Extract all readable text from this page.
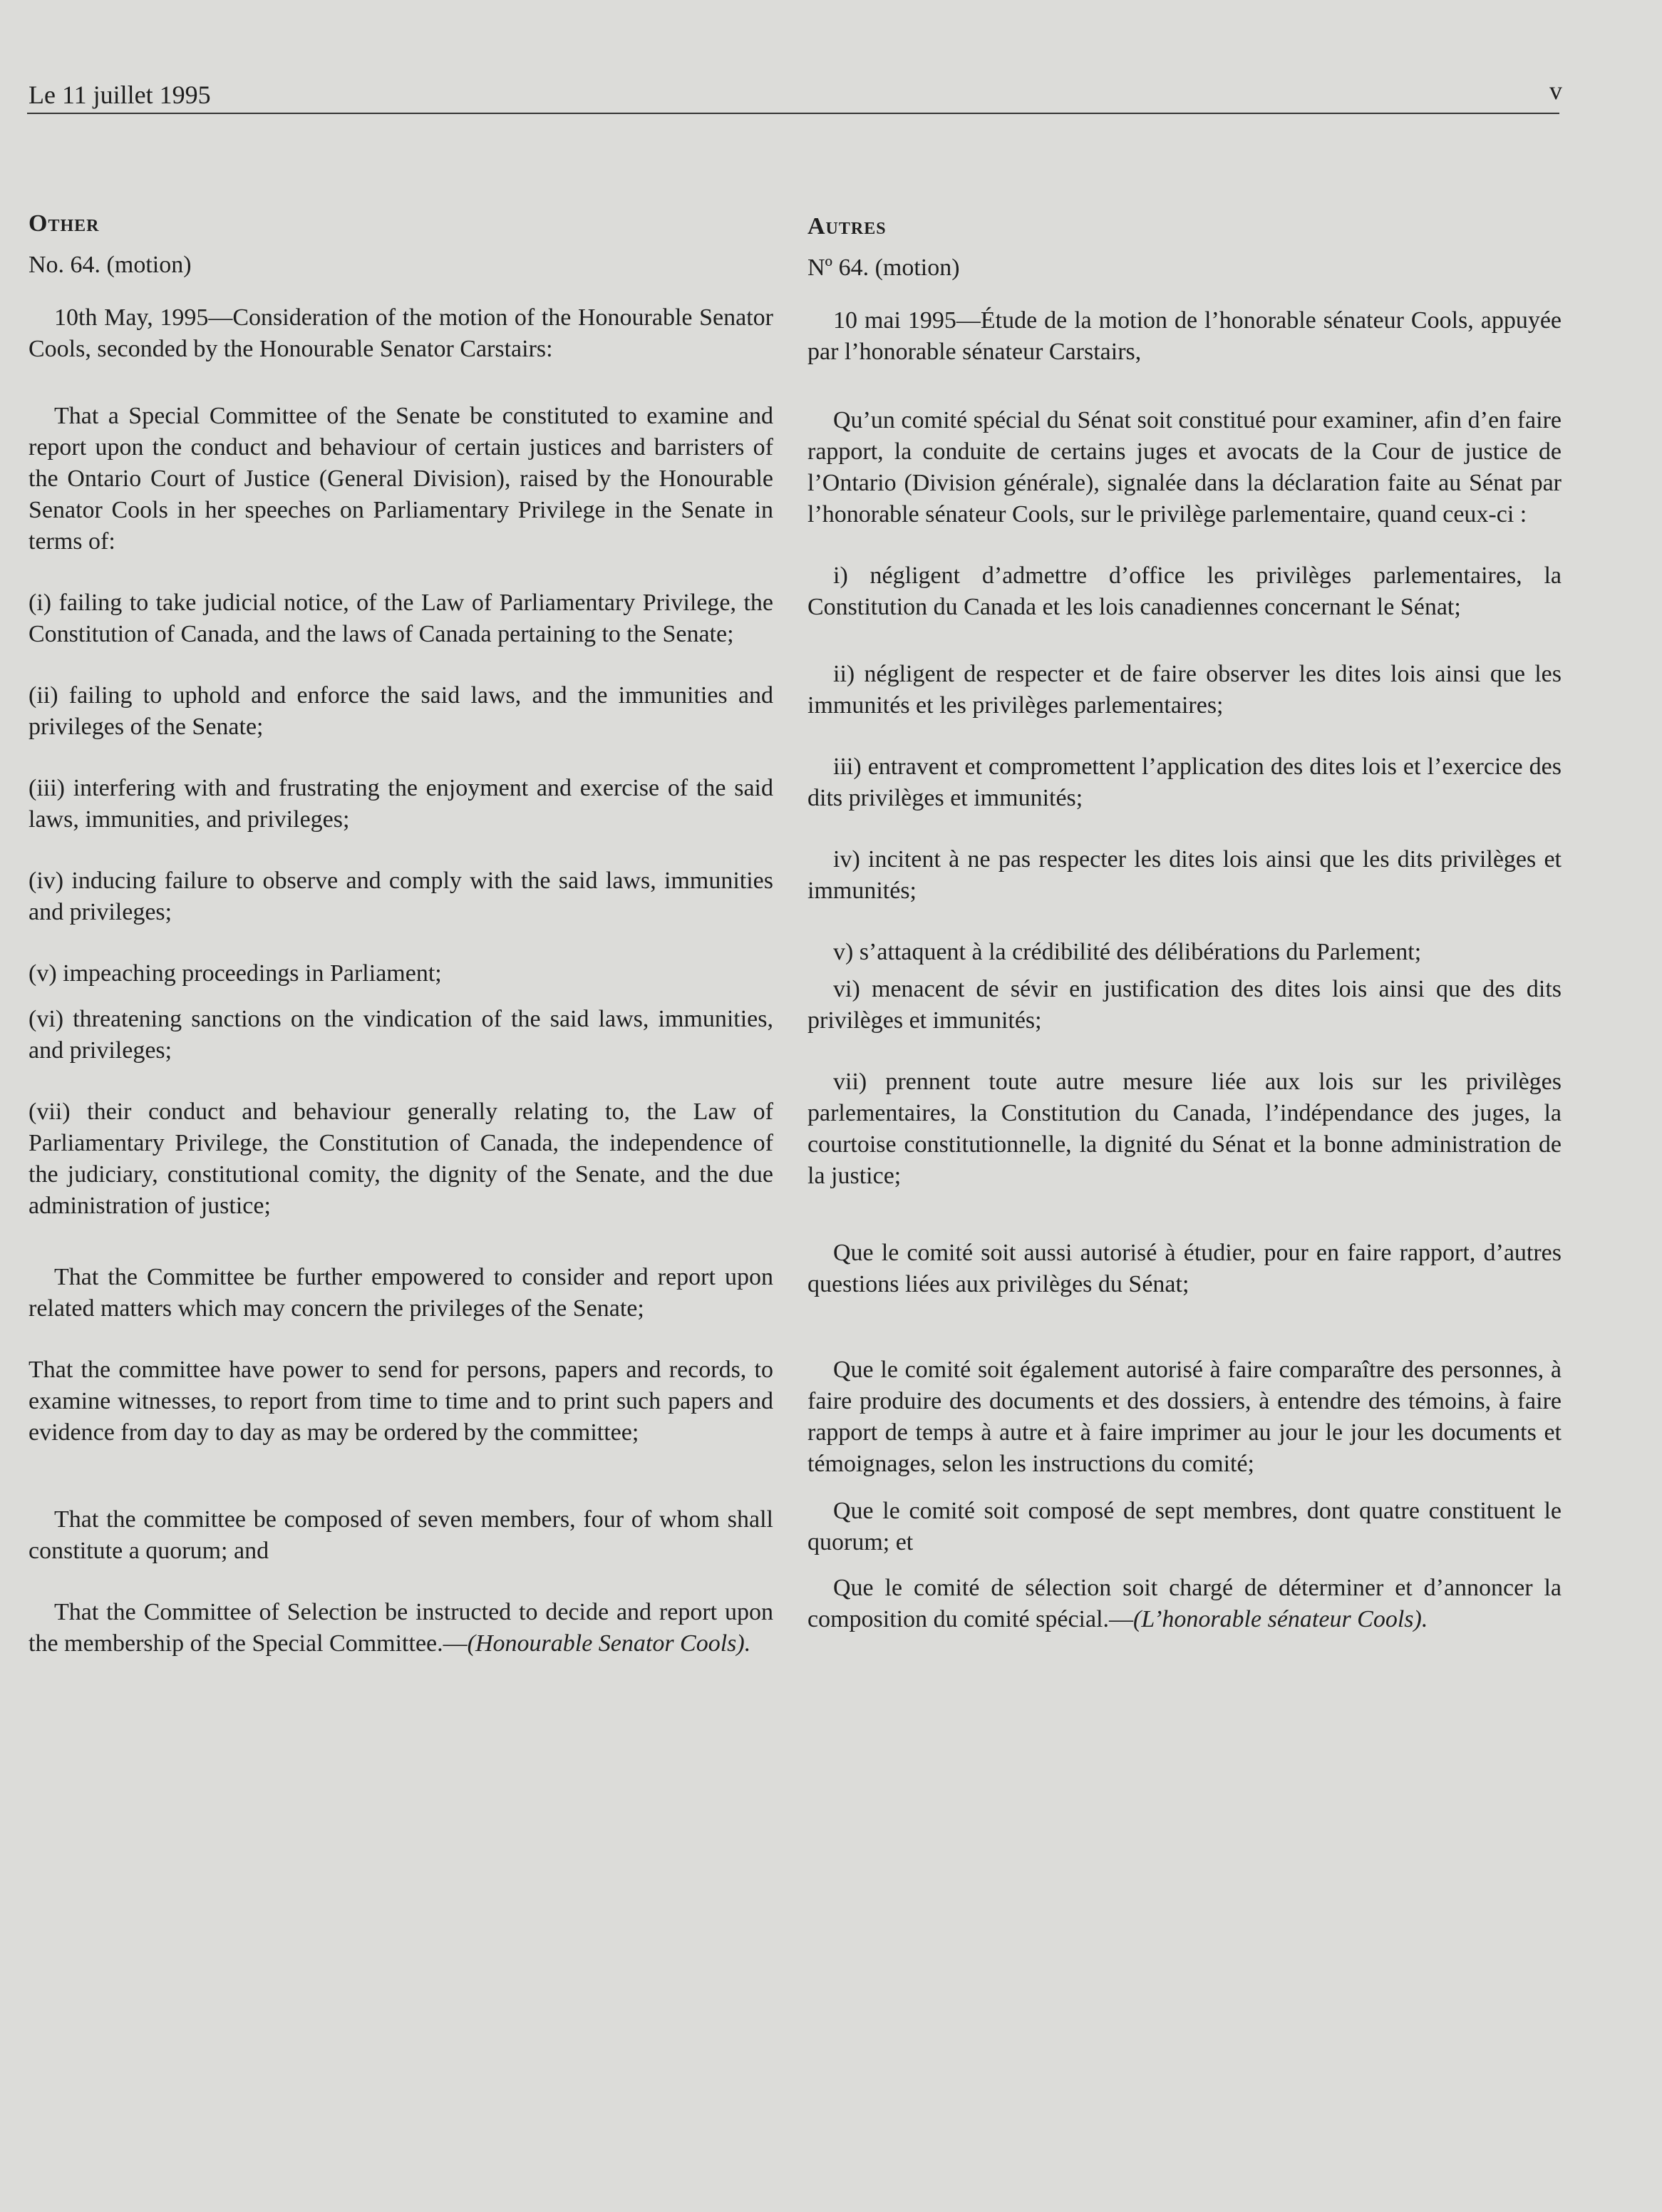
Le 11 juillet 1995	v
Other
No. 64. (motion)
10th May, 1995—Consideration of the motion of the Honourable Senator Cools, seconded by the Honourable Senator Carstairs:
That a Special Committee of the Senate be constituted to examine and report upon the conduct and behaviour of certain justices and barristers of the Ontario Court of Justice (General Division), raised by the Honourable Senator Cools in her speeches on Parliamentary Privilege in the Senate in terms of:
(i) failing to take judicial notice, of the Law of Parliamentary Privilege, the Constitution of Canada, and the laws of Canada pertaining to the Senate;
(ii) failing to uphold and enforce the said laws, and the immunities and privileges of the Senate;
(iii) interfering with and frustrating the enjoyment and exercise of the said laws, immunities, and privileges;
(iv) inducing failure to observe and comply with the said laws, immunities and privileges;
(v) impeaching proceedings in Parliament;
(vi) threatening sanctions on the vindication of the said laws, immunities, and privileges;
(vii) their conduct and behaviour generally relating to, the Law of Parliamentary Privilege, the Constitution of Canada, the independence of the judiciary, constitutional comity, the dignity of the Senate, and the due administration of justice;
That the Committee be further empowered to consider and report upon related matters which may concern the privileges of the Senate;
That the committee have power to send for persons, papers and records, to examine witnesses, to report from time to time and to print such papers and evidence from day to day as may be ordered by the committee;
That the committee be composed of seven members, four of whom shall constitute a quorum; and
That the Committee of Selection be instructed to decide and report upon the membership of the Special Committee.—(Honourable Senator Cools).
Autres
Nº 64. (motion)
10 mai 1995—Étude de la motion de l’honorable sénateur Cools, appuyée par l’honorable sénateur Carstairs,
Qu’un comité spécial du Sénat soit constitué pour examiner, afin d’en faire rapport, la conduite de certains juges et avocats de la Cour de justice de l’Ontario (Division générale), signalée dans la déclaration faite au Sénat par l’honorable sénateur Cools, sur le privilège parlementaire, quand ceux-ci :
i) négligent d’admettre d’office les privilèges parlementaires, la Constitution du Canada et les lois canadiennes concernant le Sénat;
ii) négligent de respecter et de faire observer les dites lois ainsi que les immunités et les privilèges parlementaires;
iii) entravent et compromettent l’application des dites lois et l’exercice des dits privilèges et immunités;
iv) incitent à ne pas respecter les dites lois ainsi que les dits privilèges et immunités;
v) s’attaquent à la crédibilité des délibérations du Parlement;
vi) menacent de sévir en justification des dites lois ainsi que des dits privilèges et immunités;
vii) prennent toute autre mesure liée aux lois sur les privilèges parlementaires, la Constitution du Canada, l’indépendance des juges, la courtoise constitutionnelle, la dignité du Sénat et la bonne administration de la justice;
Que le comité soit aussi autorisé à étudier, pour en faire rapport, d’autres questions liées aux privilèges du Sénat;
Que le comité soit également autorisé à faire comparaître des personnes, à faire produire des documents et des dossiers, à entendre des témoins, à faire rapport de temps à autre et à faire imprimer au jour le jour les documents et témoignages, selon les instructions du comité;
Que le comité soit composé de sept membres, dont quatre constituent le quorum; et
Que le comité de sélection soit chargé de déterminer et d’annoncer la composition du comité spécial.—(L’honorable sénateur Cools).
